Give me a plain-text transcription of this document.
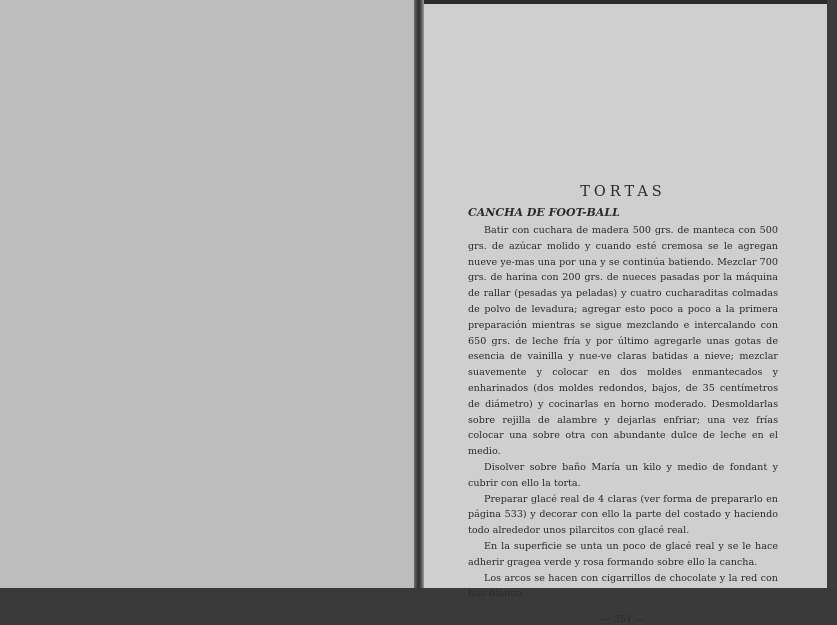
TORTAS
CANCHA DE FOOT-BALL

Batir con cuchara de madera 500 grs. de manteca con 500 grs. de azúcar molido y cuando esté cremosa se le agregan nueve ye-mas una por una y se continúa batiendo. Mezclar 700 grs. de harina con 200 grs. de nueces pasadas por la máquina de rallar (pesadas ya peladas) y cuatro cucharaditas colmadas de polvo de levadura; agregar esto poco a poco a la primera preparación mientras se sigue mezclando e intercalando con 650 grs. de leche fría y por último agregarle unas gotas de esencia de vainilla y nue-ve claras batidas a nieve; mezclar suavemente y colocar en dos moldes enmantecados y enharinados (dos moldes redondos, bajos, de 35 centímetros de diámetro) y cocinarlas en horno moderado. Desmoldarlas sobre rejilla de alambre y dejarlas enfriar; una vez frías colocar una sobre otra con abundante dulce de leche en el medio.

Disolver sobre baño María un kilo y medio de fondant y cubrir con ello la torta.

Preparar glacé real de 4 claras (ver forma de prepararlo en página 533) y decorar con ello la parte del costado y haciendo todo alrededor unos pilarcitos con glacé real.

En la superficie se unta un poco de glacé real y se le hace adherir gragea verde y rosa formando sobre ello la cancha.

Los arcos se hacen con cigarrillos de chocolate y la red con hilo blanco.

— 351 —
